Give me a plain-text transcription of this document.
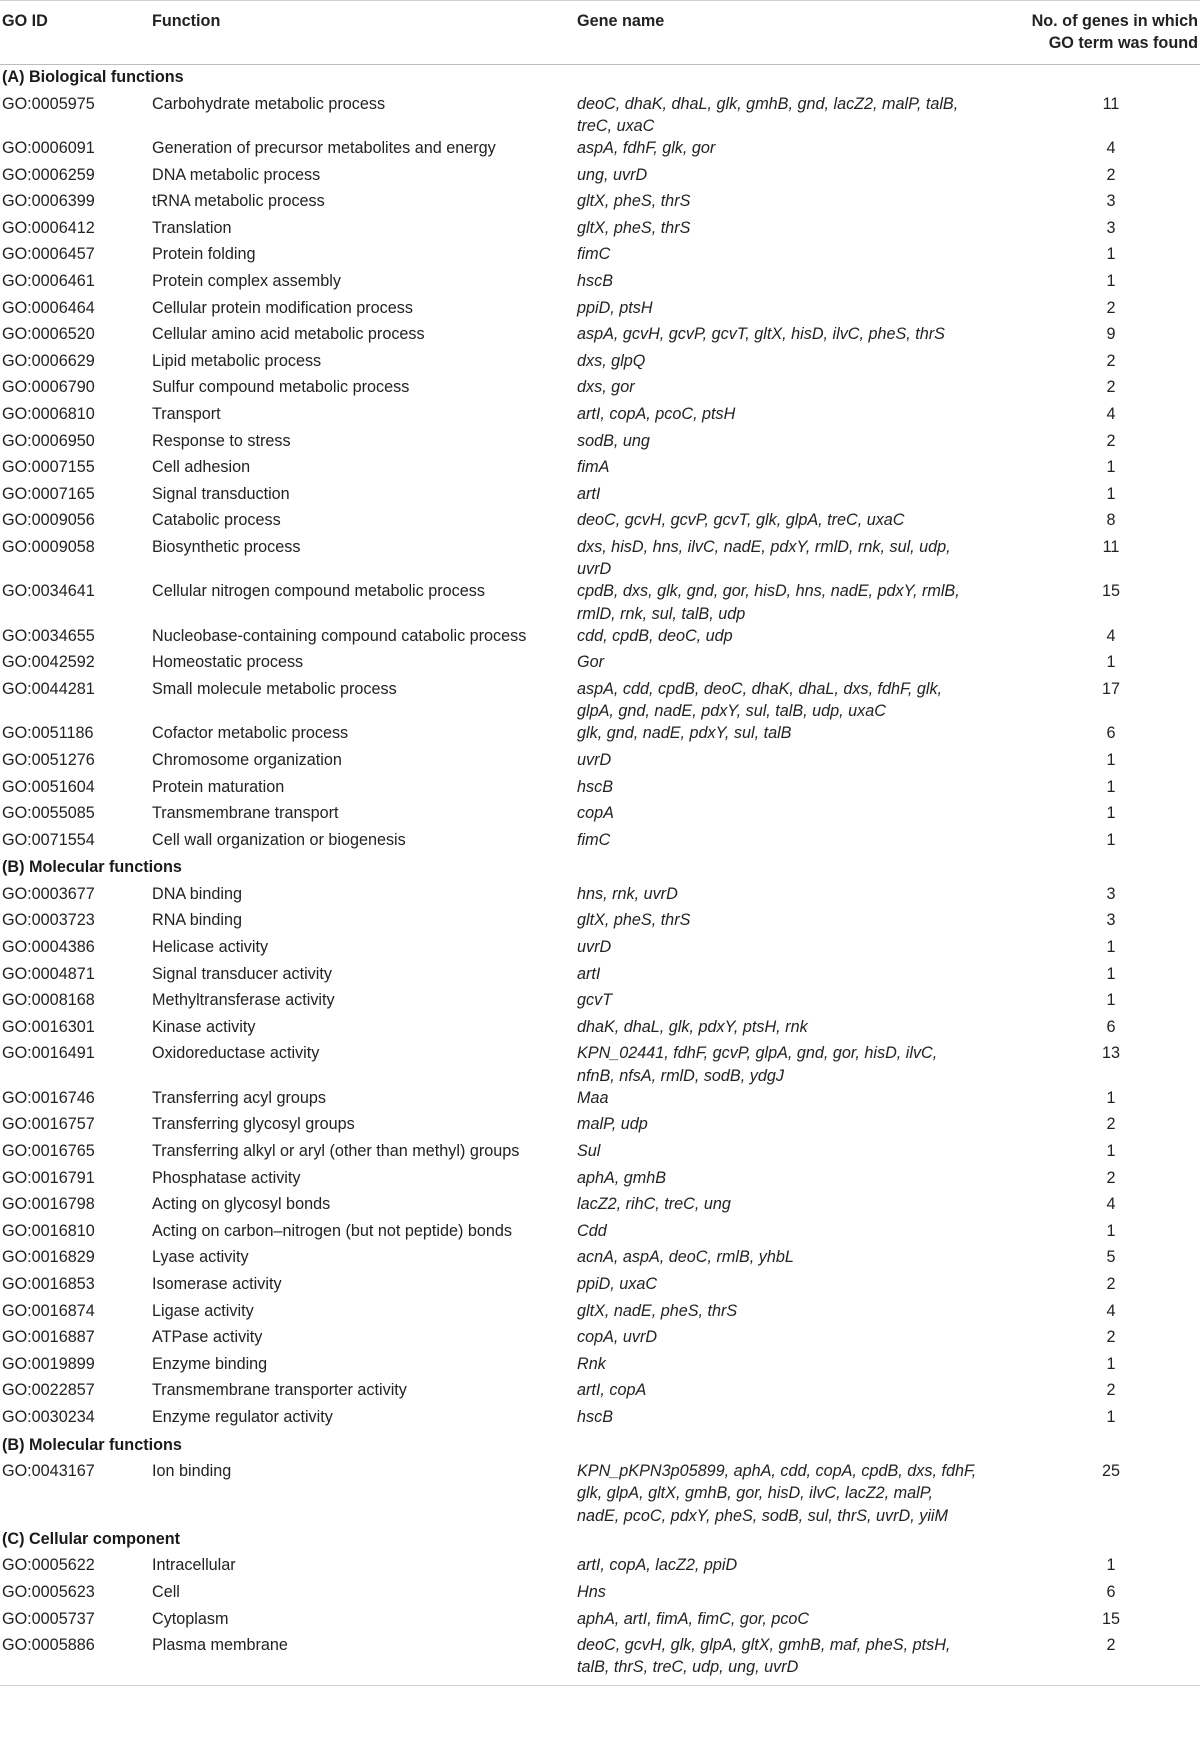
GO ID	Function	Gene name	No. of genes in which GO term was found
(A) Biological functions			
GO:0005975	Carbohydrate metabolic process	deoC, dhaK, dhaL, glk, gmhB, gnd, lacZ2, malP, talB, treC, uxaC	11
GO:0006091	Generation of precursor metabolites and energy	aspA, fdhF, glk, gor	4
GO:0006259	DNA metabolic process	ung, uvrD	2
GO:0006399	tRNA metabolic process	gltX, pheS, thrS	3
GO:0006412	Translation	gltX, pheS, thrS	3
GO:0006457	Protein folding	fimC	1
GO:0006461	Protein complex assembly	hscB	1
GO:0006464	Cellular protein modification process	ppiD, ptsH	2
GO:0006520	Cellular amino acid metabolic process	aspA, gcvH, gcvP, gcvT, gltX, hisD, ilvC, pheS, thrS	9
GO:0006629	Lipid metabolic process	dxs, glpQ	2
GO:0006790	Sulfur compound metabolic process	dxs, gor	2
GO:0006810	Transport	artI, copA, pcoC, ptsH	4
GO:0006950	Response to stress	sodB, ung	2
GO:0007155	Cell adhesion	fimA	1
GO:0007165	Signal transduction	artI	1
GO:0009056	Catabolic process	deoC, gcvH, gcvP, gcvT, glk, glpA, treC, uxaC	8
GO:0009058	Biosynthetic process	dxs, hisD, hns, ilvC, nadE, pdxY, rmlD, rnk, sul, udp, uvrD	11
GO:0034641	Cellular nitrogen compound metabolic process	cpdB, dxs, glk, gnd, gor, hisD, hns, nadE, pdxY, rmlB, rmlD, rnk, sul, talB, udp	15
GO:0034655	Nucleobase-containing compound catabolic process	cdd, cpdB, deoC, udp	4
GO:0042592	Homeostatic process	Gor	1
GO:0044281	Small molecule metabolic process	aspA, cdd, cpdB, deoC, dhaK, dhaL, dxs, fdhF, glk, glpA, gnd, nadE, pdxY, sul, talB, udp, uxaC	17
GO:0051186	Cofactor metabolic process	glk, gnd, nadE, pdxY, sul, talB	6
GO:0051276	Chromosome organization	uvrD	1
GO:0051604	Protein maturation	hscB	1
GO:0055085	Transmembrane transport	copA	1
GO:0071554	Cell wall organization or biogenesis	fimC	1
(B) Molecular functions			
GO:0003677	DNA binding	hns, rnk, uvrD	3
GO:0003723	RNA binding	gltX, pheS, thrS	3
GO:0004386	Helicase activity	uvrD	1
GO:0004871	Signal transducer activity	artI	1
GO:0008168	Methyltransferase activity	gcvT	1
GO:0016301	Kinase activity	dhaK, dhaL, glk, pdxY, ptsH, rnk	6
GO:0016491	Oxidoreductase activity	KPN_02441, fdhF, gcvP, glpA, gnd, gor, hisD, ilvC, nfnB, nfsA, rmlD, sodB, ydgJ	13
GO:0016746	Transferring acyl groups	Maa	1
GO:0016757	Transferring glycosyl groups	malP, udp	2
GO:0016765	Transferring alkyl or aryl (other than methyl) groups	Sul	1
GO:0016791	Phosphatase activity	aphA, gmhB	2
GO:0016798	Acting on glycosyl bonds	lacZ2, rihC, treC, ung	4
GO:0016810	Acting on carbon–nitrogen (but not peptide) bonds	Cdd	1
GO:0016829	Lyase activity	acnA, aspA, deoC, rmlB, yhbL	5
GO:0016853	Isomerase activity	ppiD, uxaC	2
GO:0016874	Ligase activity	gltX, nadE, pheS, thrS	4
GO:0016887	ATPase activity	copA, uvrD	2
GO:0019899	Enzyme binding	Rnk	1
GO:0022857	Transmembrane transporter activity	artI, copA	2
GO:0030234	Enzyme regulator activity	hscB	1
(B) Molecular functions			
GO:0043167	Ion binding	KPN_pKPN3p05899, aphA, cdd, copA, cpdB, dxs, fdhF, glk, glpA, gltX, gmhB, gor, hisD, ilvC, lacZ2, malP, nadE, pcoC, pdxY, pheS, sodB, sul, thrS, uvrD, yiiM	25
(C) Cellular component			
GO:0005622	Intracellular	artI, copA, lacZ2, ppiD	1
GO:0005623	Cell	Hns	6
GO:0005737	Cytoplasm	aphA, artI, fimA, fimC, gor, pcoC	15
GO:0005886	Plasma membrane	deoC, gcvH, glk, glpA, gltX, gmhB, maf, pheS, ptsH, talB, thrS, treC, udp, ung, uvrD	2
